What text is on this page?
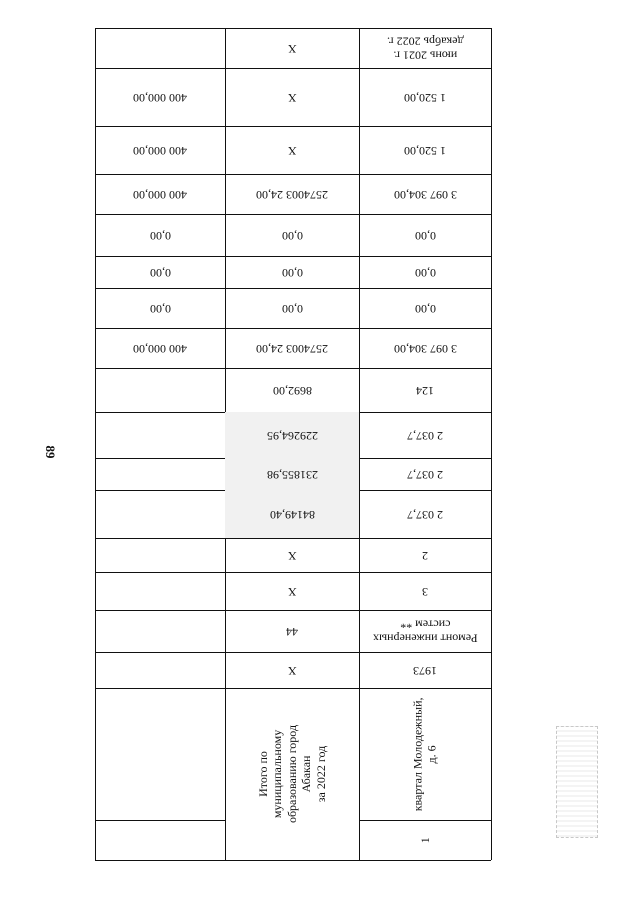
89
июнь 2021 г.
декабрь 2022 г.
X
1 520,00
X
400 000,00
1 520,00
X
400 000,00
3 097 304,00
2574003 24,00
400 000,00
0,00
0,00
0,00
0,00
0,00
0,00
0,00
0,00
0,00
3 097 304,00
2574003 24,00
400 000,00
124
8692,00
2 037,7
229264,95
2 037,7
231855,98
2 037,7
84149,40
2
X
3
X
Ремонт инженерных
систем **
44
1973
X
квартал Молодежный,
д. 6
Итого по муниципальному
образованию город Абакан
за 2022 год
1
